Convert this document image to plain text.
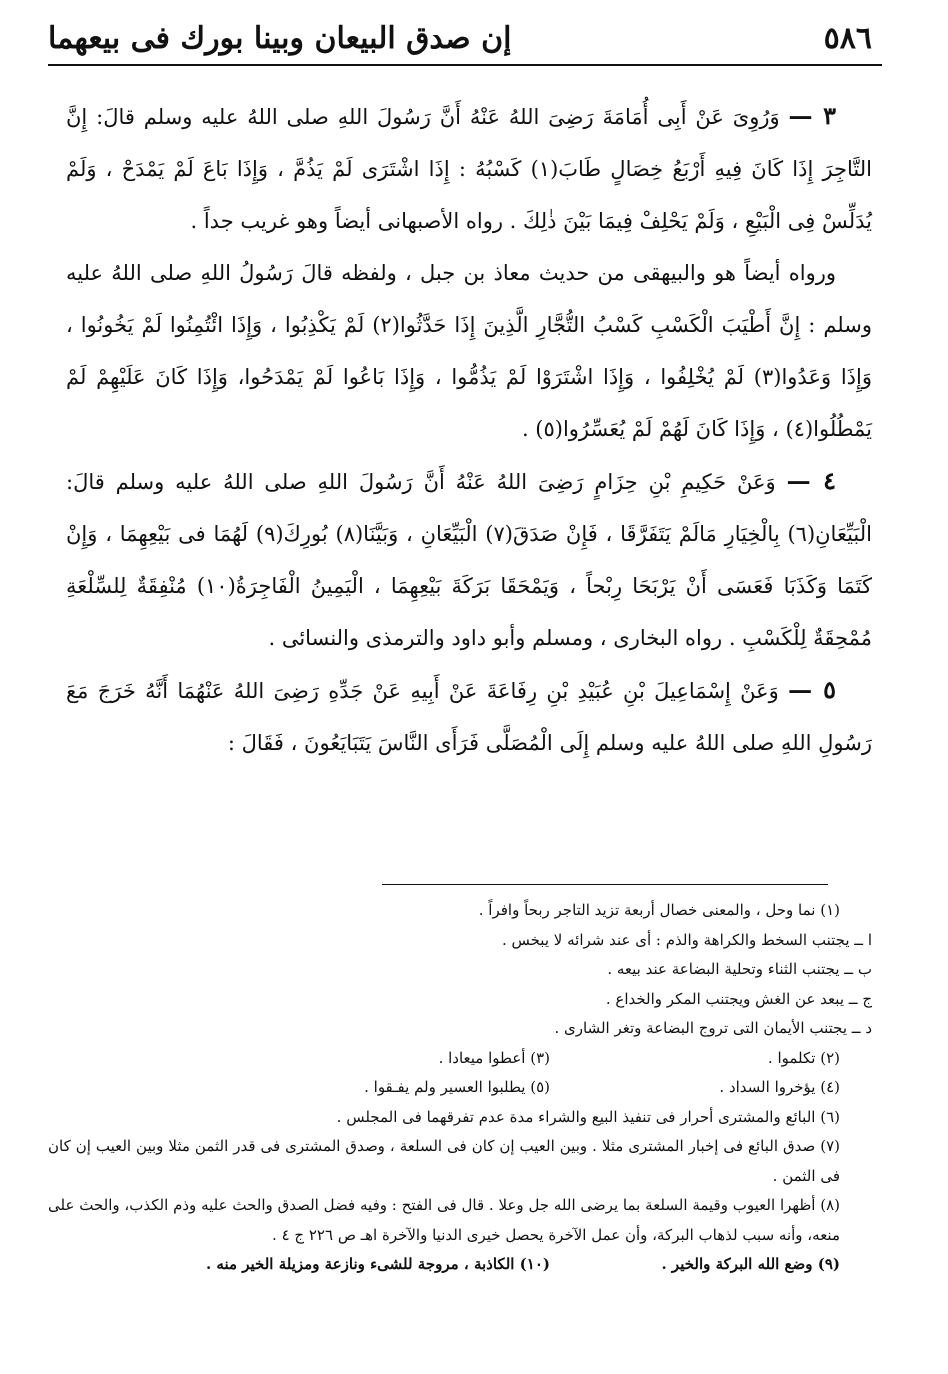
٥٨٦
إن صدق البيعان وبينا بورك فى بيعهما

٣ — وَرُوِىَ عَنْ أَبِى أُمَامَةَ رَضِىَ اللهُ عَنْهُ أَنَّ رَسُولَ اللهِ صلى اللهُ عليه وسلم قالَ: إِنَّ التَّاجِرَ إِذَا كَانَ فِيهِ أَرْبَعُ خِصَالٍ طَابَ(١) كَسْبُهُ : إِذَا اشْتَرَى لَمْ يَذُمَّ ، وَإِذَا بَاعَ لَمْ يَمْدَحْ ، وَلَمْ يُدَلِّسْ فِى الْبَيْعِ ، وَلَمْ يَحْلِفْ فِيمَا بَيْنَ ذٰلِكَ . رواه الأصبهانى أيضاً وهو غريب جداً .

ورواه أيضاً هو والبيهقى من حديث معاذ بن جبل ، ولفظه قالَ رَسُولُ اللهِ صلى اللهُ عليه وسلم : إِنَّ أَطْيَبَ الْكَسْبِ كَسْبُ التُّجَّارِ الَّذِينَ إِذَا حَدَّثُوا(٢) لَمْ يَكْذِبُوا ، وَإِذَا ائْتُمِنُوا لَمْ يَخُونُوا ، وَإِذَا وَعَدُوا(٣) لَمْ يُخْلِفُوا ، وَإِذَا اشْتَرَوْا لَمْ يَذُمُّوا ، وَإِذَا بَاعُوا لَمْ يَمْدَحُوا، وَإِذَا كَانَ عَلَيْهِمْ لَمْ يَمْطُلُوا(٤) ، وَإِذَا كَانَ لَهُمْ لَمْ يُعَسِّرُوا(٥) .

٤ — وَعَنْ حَكِيمِ بْنِ حِزَامٍ رَضِىَ اللهُ عَنْهُ أَنَّ رَسُولَ اللهِ صلى اللهُ عليه وسلم قالَ: الْبَيِّعَانِ(٦) بِالْخِيَارِ مَالَمْ يَتَفَرَّقَا ، فَإِنْ صَدَقَ(٧) الْبَيِّعَانِ ، وَبَيَّنَا(٨) بُورِكَ(٩) لَهُمَا فى بَيْعِهِمَا ، وَإِنْ كَتَمَا وَكَذَبَا فَعَسَى أَنْ يَرْبَحَا رِبْحاً ، وَيَمْحَقَا بَرَكَةَ بَيْعِهِمَا ، الْيَمِينُ الْفَاجِرَةُ(١٠) مُنْفِقَةٌ لِلسِّلْعَةِ مُمْحِقَةٌ لِلْكَسْبِ . رواه البخارى ، ومسلم وأبو داود والترمذى والنسائى .

٥ — وَعَنْ إِسْمَاعِيلَ بْنِ عُبَيْدِ بْنِ رِفَاعَةَ عَنْ أَبِيهِ عَنْ جَدِّهِ رَضِىَ اللهُ عَنْهُمَا أَنَّهُ خَرَجَ مَعَ رَسُولِ اللهِ صلى اللهُ عليه وسلم إِلَى الْمُصَلَّى فَرَأَى النَّاسَ يَتَبَايَعُونَ ، فَقَالَ :

(١) نما وحل ، والمعنى خصال أربعة تزيد التاجر ربحاً وافراً .

ا ــ يجتنب السخط والكراهة والذم : أى عند شرائه لا يبخس .

ب ــ يجتنب الثناء وتحلية البضاعة عند بيعه .

ج ــ يبعد عن الغش ويجتنب المكر والخداع .

د ــ يجتنب الأيمان التى تروج البضاعة وتغر الشارى .

(٢) تكلموا .

(٣) أعطوا ميعادا .

(٤) يؤخروا السداد .

(٥) يطلبوا العسير ولم يفـقوا .

(٦) البائع والمشترى أحرار فى تنفيذ البيع والشراء مدة عدم تفرقهما فى المجلس .

(٧) صدق البائع فى إخبار المشترى مثلا . وبين العيب إن كان فى السلعة ، وصدق المشترى فى قدر الثمن مثلا وبين العيب إن كان فى الثمن .

(٨) أظهرا العيوب وقيمة السلعة بما يرضى الله جل وعلا . قال فى الفتح : وفيه فضل الصدق والحث عليه وذم الكذب، والحث على منعه، وأنه سبب لذهاب البركة، وأن عمل الآخرة يحصل خيرى الدنيا والآخرة اهـ ص ٢٢٦ ج ٤ .

(٩) وضع الله البركة والخير .

(١٠) الكاذبة ، مروجة للشىء ونازعة ومزيلة الخير منه .
